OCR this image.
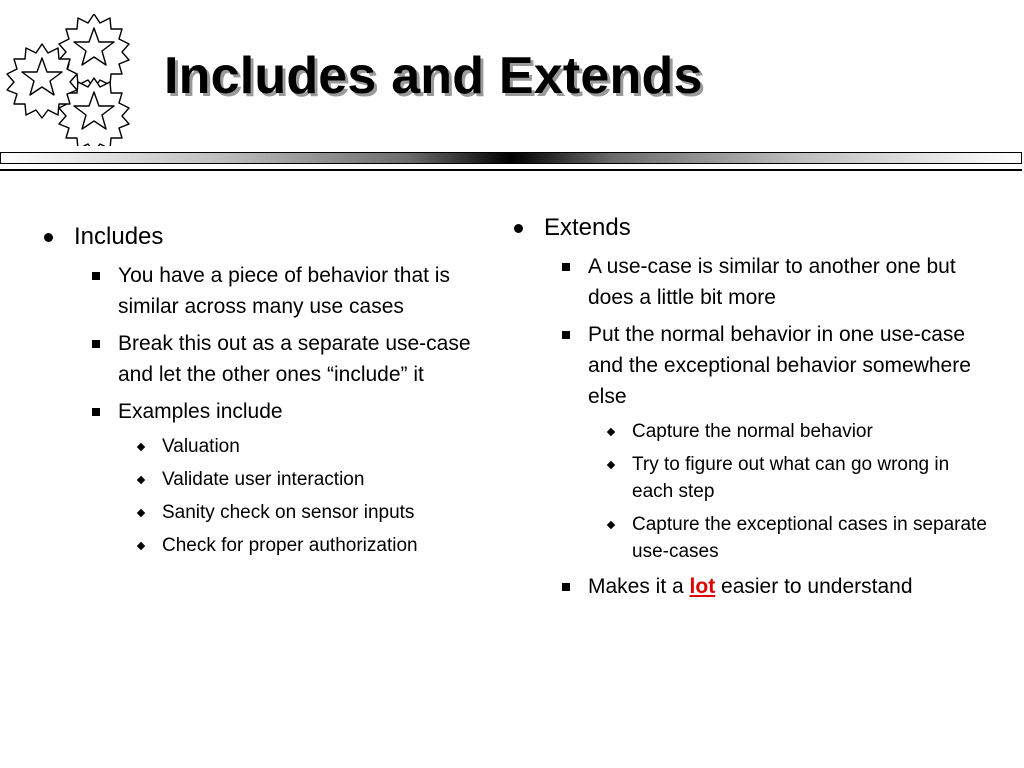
Includes and Extends
Includes
You have a piece of behavior that is similar across many use cases
Break this out as a separate use-case and let the other ones “include” it
Examples include
Valuation
Validate user interaction
Sanity check on sensor inputs
Check for proper authorization
Extends
A use-case is similar to another one but does a little bit more
Put the normal behavior in one use-case and the exceptional behavior somewhere else
Capture the normal behavior
Try to figure out what can go wrong in each step
Capture the exceptional cases in separate use-cases
Makes it a lot easier to understand
